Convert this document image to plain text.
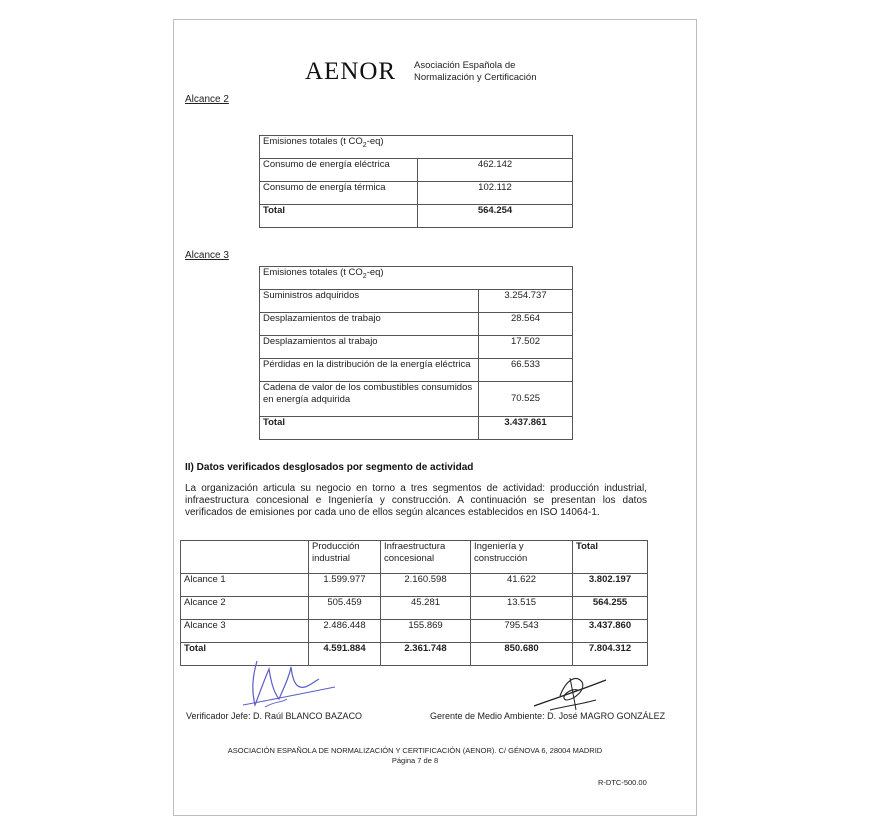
AENOR Asociación Española de
Normalización y Certificación
Alcance 2
Emisiones totales (t $CO_2-eq$)	
Consumo de energía eléctrica	462.142
Consumo de energía térmica	102.112
Total	564.254
Alcance 3
Emisiones totales (t $CO_2-eq$)	
Suministros adquiridos	3.254.737
Desplazamientos de trabajo	28.564
Desplazamientos al trabajo	17.502
Pérdidas en la distribución de la energía eléctrica	66.533
Cadena de valor de los combustibles consumidos en energía adquirida	70.525
Total	3.437.861
II) Datos verificados desglosados por segmento de actividad
La organización articula su negocio en torno a tres segmentos de actividad: producción industrial, infraestructura concesional e Ingeniería y construcción. A continuación se presentan los datos verificados de emisiones por cada uno de ellos según alcances establecidos en ISO 14064-1.
	Producción industrial	Infraestructura concesional	Ingeniería y construcción	Total
Alcance 1	1.599.977	2.160.598	41.622	3.802.197
Alcance 2	505.459	45.281	13.515	564.255
Alcance 3	2.486.448	155.869	795.543	3.437.860
Total	4.591.884	2.361.748	850.680	7.804.312
Verificador Jefe: D. Raúl BLANCO BAZACO	Gerente de Medio Ambiente: D. José MAGRO GONZÁLEZ
ASOCIACIÓN ESPAÑOLA DE NORMALIZACIÓN Y CERTIFICACIÓN (AENOR). C/ GÉNOVA 6, 28004 MADRID
Página 7 de 8
R-DTC-500.00
